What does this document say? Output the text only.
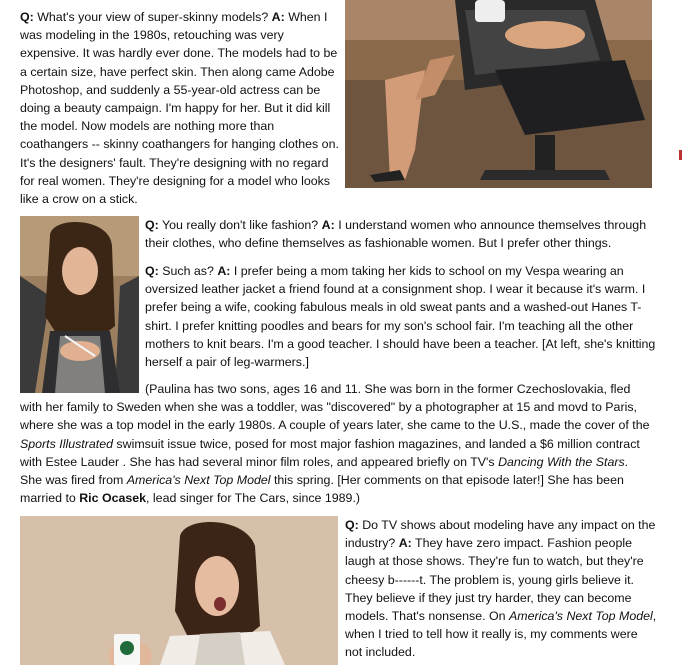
Q: What's your view of super-skinny models? A: When I was modeling in the 1980s, retouching was very expensive. It was hardly ever done. The models had to be a certain size, have perfect skin. Then along came Adobe Photoshop, and suddenly a 55-year-old actress can be doing a beauty campaign. I'm happy for her. But it did kill the model. Now models are nothing more than coathangers -- skinny coathangers for hanging clothes on. It's the designers' fault. They're designing with no regard for real women. They're designing for a model who looks like a crow on a stick.

Q: You really don't like fashion? A: I understand women who announce themselves through their clothes, who define themselves as fashionable women. But I prefer other things.

Q: Such as? A: I prefer being a mom taking her kids to school on my Vespa wearing an oversized leather jacket a friend found at a consignment shop. I wear it because it's warm. I prefer being a wife, cooking fabulous meals in old sweat pants and a washed-out Hanes T-shirt. I prefer knitting poodles and bears for my son's school fair. I'm teaching all the other mothers to knit bears. I'm a good teacher. I should have been a teacher. [At left, she's knitting herself a pair of leg-warmers.]

(Paulina has two sons, ages 16 and 11. She was born in the former Czechoslovakia, fled with her family to Sweden when she was a toddler, was "discovered" by a photographer at 15 and movd to Paris, where she was a top model in the early 1980s. A couple of years later, she came to the U.S., made the cover of the Sports Illustrated swimsuit issue twice, posed for most major fashion magazines, and landed a $6 million contract with Estee Lauder . She has had several minor film roles, and appeared briefly on TV's Dancing With the Stars. She was fired from America's Next Top Model this spring. [Her comments on that episode later!] She has been married to Ric Ocasek, lead singer for The Cars, since 1989.)

Q: Do TV shows about modeling have any impact on the industry? A: They have zero impact. Fashion people laugh at those shows. They're fun to watch, but they're cheesy b------t. The problem is, young girls believe it. They believe if they just try harder, they can become models. That's nonsense. On America's Next Top Model, when I tried to tell how it really is, my comments were not included.
